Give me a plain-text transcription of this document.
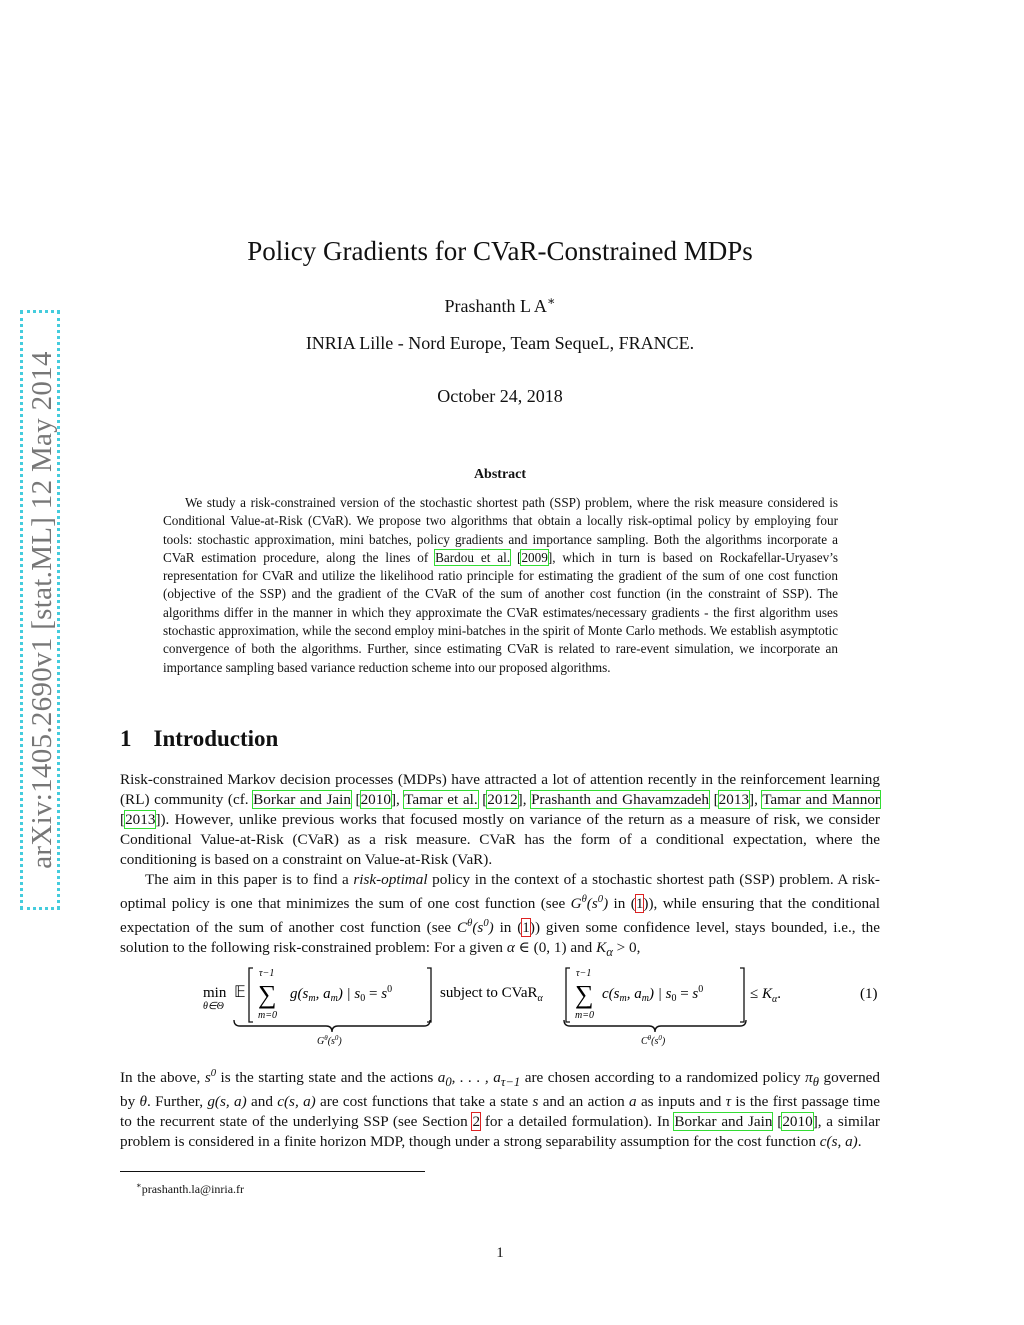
arXiv:1405.2690v1 [stat.ML] 12 May 2014
Policy Gradients for CVaR-Constrained MDPs
Prashanth L A∗
INRIA Lille - Nord Europe, Team SequeL, FRANCE.
October 24, 2018
Abstract

We study a risk-constrained version of the stochastic shortest path (SSP) problem, where the risk measure considered is Conditional Value-at-Risk (CVaR). We propose two algorithms that obtain a locally risk-optimal policy by employing four tools: stochastic approximation, mini batches, policy gradients and importance sampling. Both the algorithms incorporate a CVaR estimation procedure, along the lines of Bardou et al. [2009], which in turn is based on Rockafellar-Uryasev’s representation for CVaR and utilize the likelihood ratio principle for estimating the gradient of the sum of one cost function (objective of the SSP) and the gradient of the CVaR of the sum of another cost function (in the constraint of SSP). The algorithms differ in the manner in which they approximate the CVaR estimates/necessary gradients - the first algorithm uses stochastic approximation, while the second employ mini-batches in the spirit of Monte Carlo methods. We establish asymptotic convergence of both the algorithms. Further, since estimating CVaR is related to rare-event simulation, we incorporate an importance sampling based variance reduction scheme into our proposed algorithms.

1 Introduction

Risk-constrained Markov decision processes (MDPs) have attracted a lot of attention recently in the reinforcement learning (RL) community (cf. Borkar and Jain [2010], Tamar et al. [2012], Prashanth and Ghavamzadeh [2013], Tamar and Mannor [2013]). However, unlike previous works that focused mostly on variance of the return as a measure of risk, we consider Conditional Value-at-Risk (CVaR) as a risk measure. CVaR has the form of a conditional expectation, where the conditioning is based on a constraint on Value-at-Risk (VaR).

The aim in this paper is to find a risk-optimal policy in the context of a stochastic shortest path (SSP) problem. A risk-optimal policy is one that minimizes the sum of one cost function (see $G^\theta(s^0)$ in (1)), while ensuring that the conditional expectation of the sum of another cost function (see $C^\theta(s^0)$ in (1)) given some confidence level, stays bounded, i.e., the solution to the following risk-constrained problem: For a given α ∈ (0, 1) and $K_\alpha > 0$,

min
θ∈Θ
𝔼
τ−1
∑
m=0
$g(s_m$, $a_m$) | $s_0 = s^0$
$G^\theta(s^0)$
subject to CVaR$_\alpha$
τ−1
∑
m=0
$c(s_m$, $a_m$) | $s_0 = s^0$
$C^\theta(s^0)$
≤ $K_\alpha$.	(1)

In the above, $s^0$ is the starting state and the actions $a_0$, . . . , $a_{\tau-1}$ are chosen according to a randomized policy $\pi_\theta$ governed by θ. Further, g(s, a) and c(s, a) are cost functions that take a state s and an action a as inputs and τ is the first passage time to the recurrent state of the underlying SSP (see Section 2 for a detailed formulation). In Borkar and Jain [2010], a similar problem is considered in a finite horizon MDP, though under a strong separability assumption for the cost function c(s, a).

∗prashanth.la@inria.fr
1
